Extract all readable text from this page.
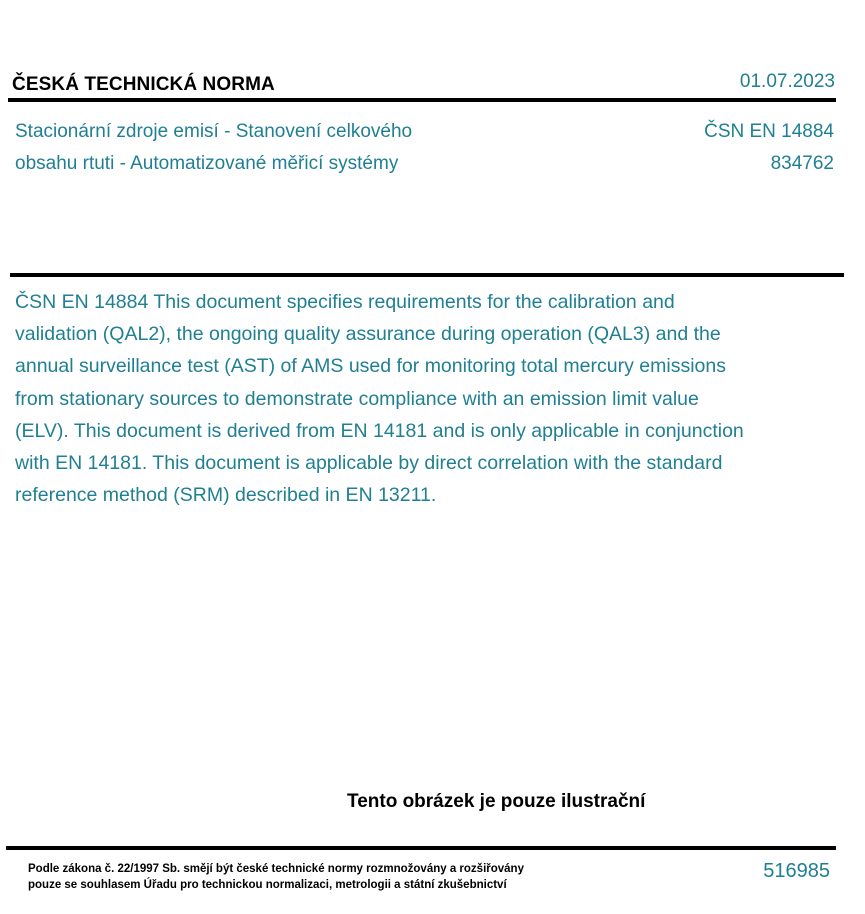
ČESKÁ TECHNICKÁ NORMA	01.07.2023
Stacionární zdroje emisí - Stanovení celkového
obsahu rtuti - Automatizované měřicí systémy
ČSN EN 14884
834762
ČSN EN 14884 This document specifies requirements for the calibration and validation (QAL2), the ongoing quality assurance during operation (QAL3) and the annual surveillance test (AST) of AMS used for monitoring total mercury emissions from stationary sources to demonstrate compliance with an emission limit value (ELV). This document is derived from EN 14181 and is only applicable in conjunction with EN 14181. This document is applicable by direct correlation with the standard reference method (SRM) described in EN 13211.
Tento obrázek je pouze ilustrační
Podle zákona č. 22/1997 Sb. smějí být české technické normy rozmnožovány a rozšiřovány
pouze se souhlasem Úřadu pro technickou normalizaci, metrologii a státní zkušebnictví
516985
